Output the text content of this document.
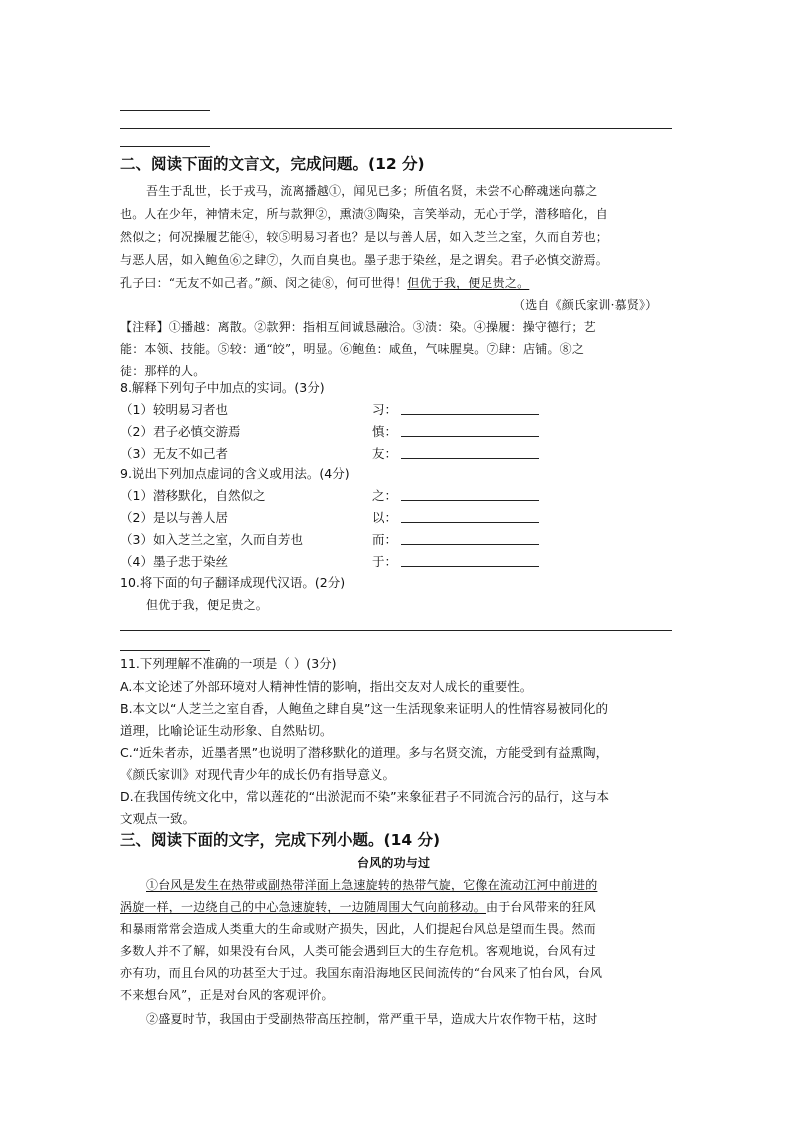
二、阅读下面的文言文，完成问题。(12 分)
吾生于乱世，长于戎马，流离播越①，闻见已多；所值名贤，未尝不心醉魂迷向慕之
也。人在少年，神情未定，所与款狎②，熏渍③陶染，言笑举动，无心于学，潜移暗化，自
然似之；何况操履艺能④，较⑤明易习者也？是以与善人居，如入芝兰之室，久而自芳也；
与恶人居，如入鲍鱼⑥之肆⑦，久而自臭也。墨子悲于染丝，是之谓矣。君子必慎交游焉。
孔子曰：“无友不如己者。”颜、闵之徒⑧，何可世得！但优于我，便足贵之。
（选自《颜氏家训·慕贤》）
【注释】①播越：离散。②款狎：指相互间诚恳融洽。③渍：染。④操履：操守德行；艺
能：本领、技能。⑤较：通“皎”，明显。⑥鲍鱼：咸鱼，气味腥臭。⑦肆：店铺。⑧之
徒：那样的人。
8.解释下列句子中加点的实词。(3分)
（1）较明易习者也	习：
（2）君子必慎交游焉	慎：
（3）无友不如己者	友：
9.说出下列加点虚词的含义或用法。(4分)
（1）潜移默化，自然似之	之：
（2）是以与善人居	以：
（3）如入芝兰之室，久而自芳也	而：
（4）墨子悲于染丝	于：
10.将下面的句子翻译成现代汉语。(2分)
但优于我，便足贵之。
11.下列理解不准确的一项是（ ）(3分)
A.本文论述了外部环境对人精神性情的影响，指出交友对人成长的重要性。
B.本文以“人芝兰之室自香，人鲍鱼之肆自臭”这一生活现象来证明人的性情容易被同化的
道理，比喻论证生动形象、自然贴切。
C.“近朱者赤，近墨者黑”也说明了潜移默化的道理。多与名贤交流，方能受到有益熏陶，
《颜氏家训》对现代青少年的成长仍有指导意义。
D.在我国传统文化中，常以莲花的“出淤泥而不染”来象征君子不同流合污的品行，这与本
文观点一致。
三、阅读下面的文字，完成下列小题。(14 分)
台风的功与过
①台风是发生在热带或副热带洋面上急速旋转的热带气旋，它像在流动江河中前进的
涡旋一样，一边绕自己的中心急速旋转，一边随周围大气向前移动。由于台风带来的狂风
和暴雨常常会造成人类重大的生命或财产损失，因此，人们提起台风总是望而生畏。然而
多数人并不了解，如果没有台风，人类可能会遇到巨大的生存危机。客观地说，台风有过
亦有功，而且台风的功甚至大于过。我国东南沿海地区民间流传的“台风来了怕台风，台风
不来想台风”，正是对台风的客观评价。
②盛夏时节，我国由于受副热带高压控制，常严重干旱，造成大片农作物干枯，这时
